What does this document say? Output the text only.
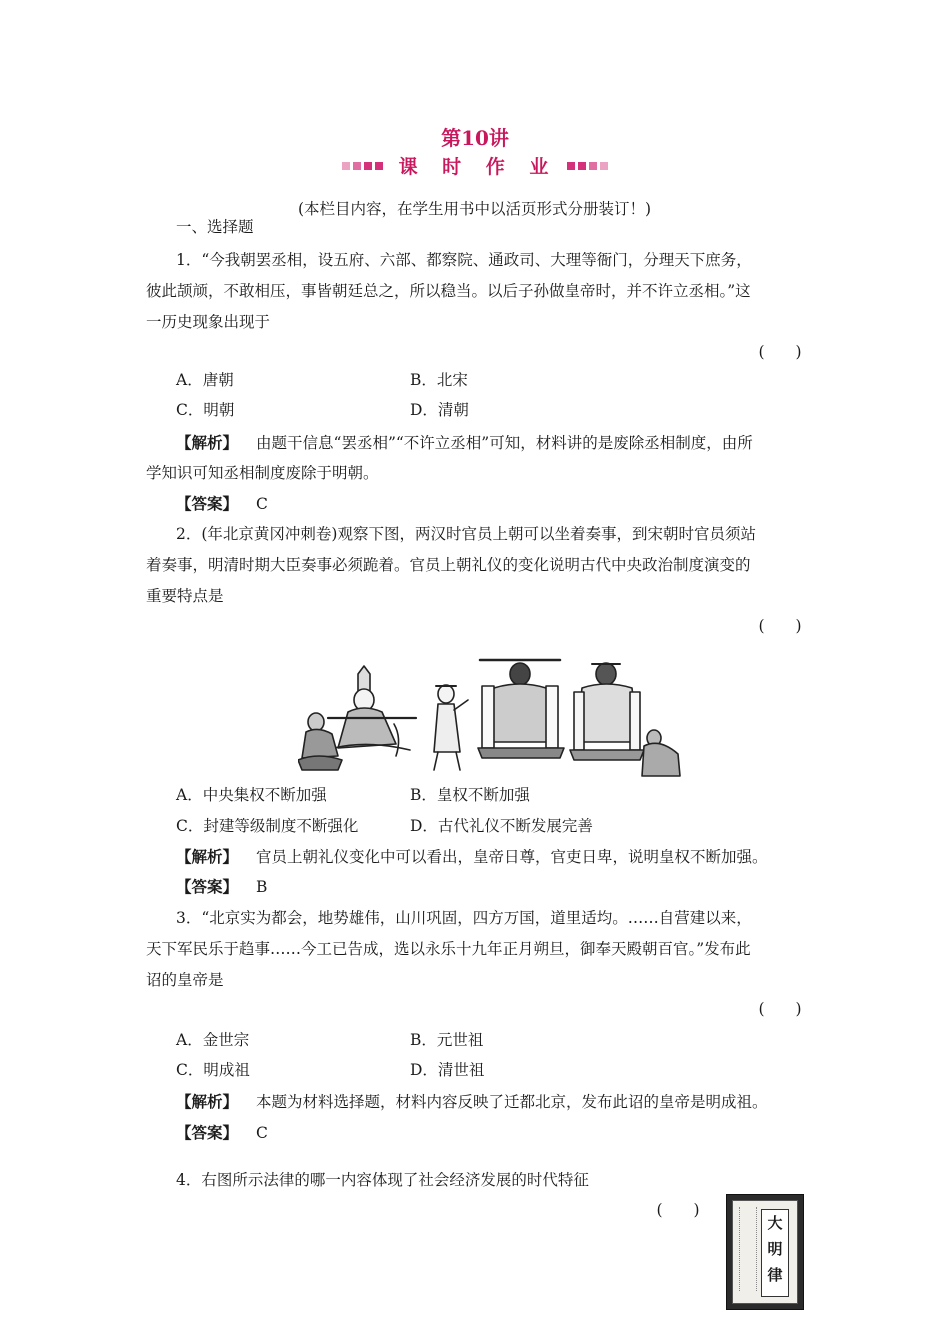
第10讲
课 时 作 业
(本栏目内容，在学生用书中以活页形式分册装订！)
一、选择题
1．“今我朝罢丞相，设五府、六部、都察院、通政司、大理等衙门，分理天下庶务，
彼此颉颃，不敢相压，事皆朝廷总之，所以稳当。以后子孙做皇帝时，并不许立丞相。”这
一历史现象出现于
(　　)
A．唐朝	B．北宋
C．明朝	D．清朝
【解析】 由题干信息“罢丞相”“不许立丞相”可知，材料讲的是废除丞相制度，由所
学知识可知丞相制度废除于明朝。
【答案】 C
2．(年北京黄冈冲刺卷)观察下图，两汉时官员上朝可以坐着奏事，到宋朝时官员须站
着奏事，明清时期大臣奏事必须跪着。官员上朝礼仪的变化说明古代中央政治制度演变的
重要特点是
(　　)
A．中央集权不断加强	B．皇权不断加强
C．封建等级制度不断强化	D．古代礼仪不断发展完善
【解析】 官员上朝礼仪变化中可以看出，皇帝日尊，官吏日卑，说明皇权不断加强。
【答案】 B
3．“北京实为都会，地势雄伟，山川巩固，四方万国，道里适均。……自营建以来，
天下军民乐于趋事……今工已告成，选以永乐十九年正月朔旦，御奉天殿朝百官。”发布此
诏的皇帝是
(　　)
A．金世宗	B．元世祖
C．明成祖	D．清世祖
【解析】 本题为材料选择题，材料内容反映了迁都北京，发布此诏的皇帝是明成祖。
【答案】 C
4．右图所示法律的哪一内容体现了社会经济发展的时代特征
(　　)
大
明
律
